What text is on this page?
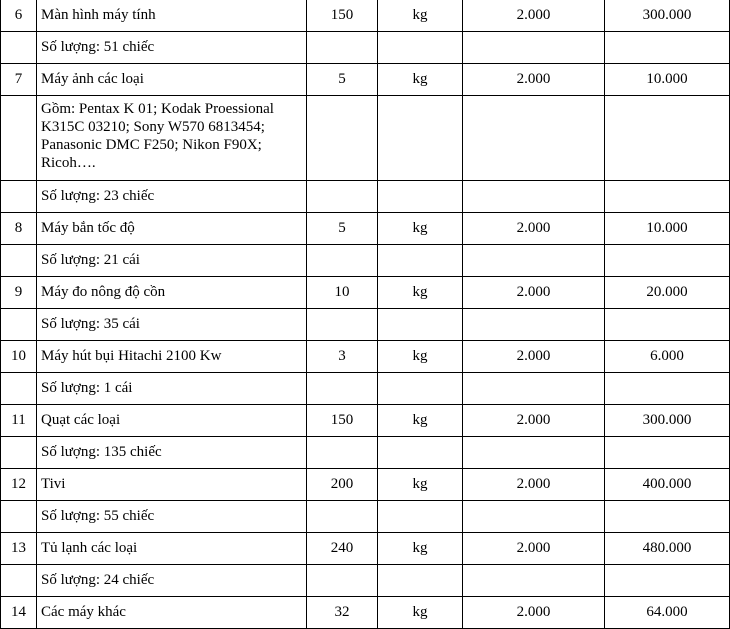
6	Màn hình máy tính	150	kg	2.000	300.000
	Số lượng: 51 chiếc				
7	Máy ảnh các loại	5	kg	2.000	10.000
	Gồm: Pentax K 01; Kodak Proessional K315C 03210; Sony W570 6813454; Panasonic DMC F250; Nikon F90X; Ricoh….				
	Số lượng: 23 chiếc				
8	Máy bắn tốc độ	5	kg	2.000	10.000
	Số lượng: 21 cái				
9	Máy đo nông độ cồn	10	kg	2.000	20.000
	Số lượng: 35 cái				
10	Máy hút bụi Hitachi 2100 Kw	3	kg	2.000	6.000
	Số lượng: 1 cái				
11	Quạt các loại	150	kg	2.000	300.000
	Số lượng: 135 chiếc				
12	Tivi	200	kg	2.000	400.000
	Số lượng: 55 chiếc				
13	Tủ lạnh các loại	240	kg	2.000	480.000
	Số lượng: 24 chiếc				
14	Các máy khác	32	kg	2.000	64.000
